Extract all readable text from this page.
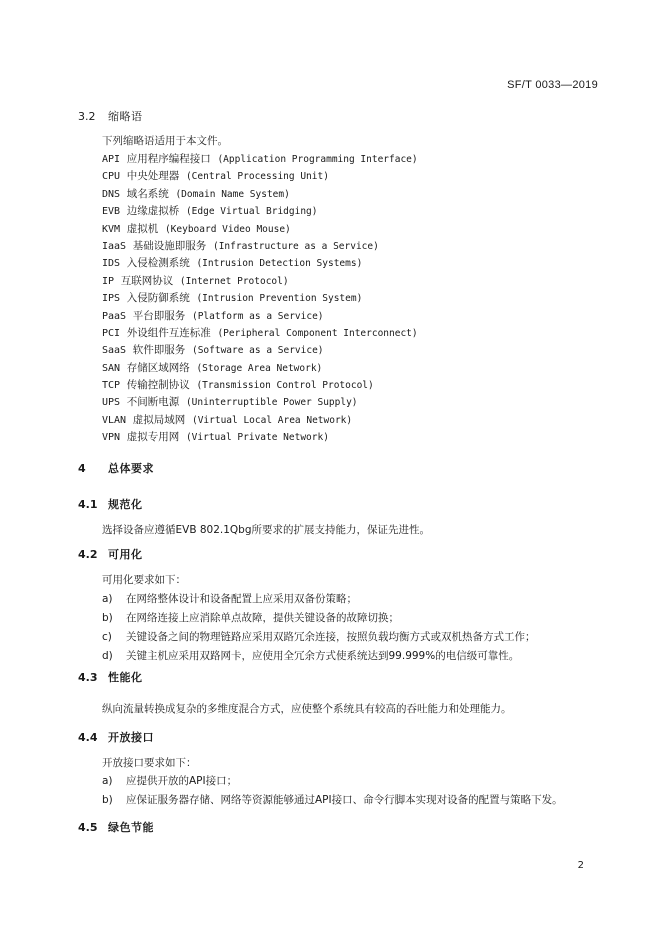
SF/T 0033—2019
3.2 缩略语
下列缩略语适用于本文件。
API 应用程序编程接口 (Application Programming Interface)
CPU 中央处理器 (Central Processing Unit)
DNS 域名系统 (Domain Name System)
EVB 边缘虚拟桥 (Edge Virtual Bridging)
KVM 虚拟机 (Keyboard Video Mouse)
IaaS 基础设施即服务 (Infrastructure as a Service)
IDS 入侵检测系统 (Intrusion Detection Systems)
IP 互联网协议 (Internet Protocol)
IPS 入侵防御系统 (Intrusion Prevention System)
PaaS 平台即服务 (Platform as a Service)
PCI 外设组件互连标准 (Peripheral Component Interconnect)
SaaS 软件即服务 (Software as a Service)
SAN 存储区域网络 (Storage Area Network)
TCP 传输控制协议 (Transmission Control Protocol)
UPS 不间断电源 (Uninterruptible Power Supply)
VLAN 虚拟局域网 (Virtual Local Area Network)
VPN 虚拟专用网 (Virtual Private Network)
4 总体要求
4.1 规范化
选择设备应遵循EVB 802.1Qbg所要求的扩展支持能力，保证先进性。
4.2 可用化
可用化要求如下：
a) 在网络整体设计和设备配置上应采用双备份策略；
b) 在网络连接上应消除单点故障，提供关键设备的故障切换；
c) 关键设备之间的物理链路应采用双路冗余连接，按照负载均衡方式或双机热备方式工作；
d) 关键主机应采用双路网卡，应使用全冗余方式使系统达到99.999%的电信级可靠性。
4.3 性能化
纵向流量转换成复杂的多维度混合方式，应使整个系统具有较高的吞吐能力和处理能力。
4.4 开放接口
开放接口要求如下：
a) 应提供开放的API接口；
b) 应保证服务器存储、网络等资源能够通过API接口、命令行脚本实现对设备的配置与策略下发。
4.5 绿色节能
2
